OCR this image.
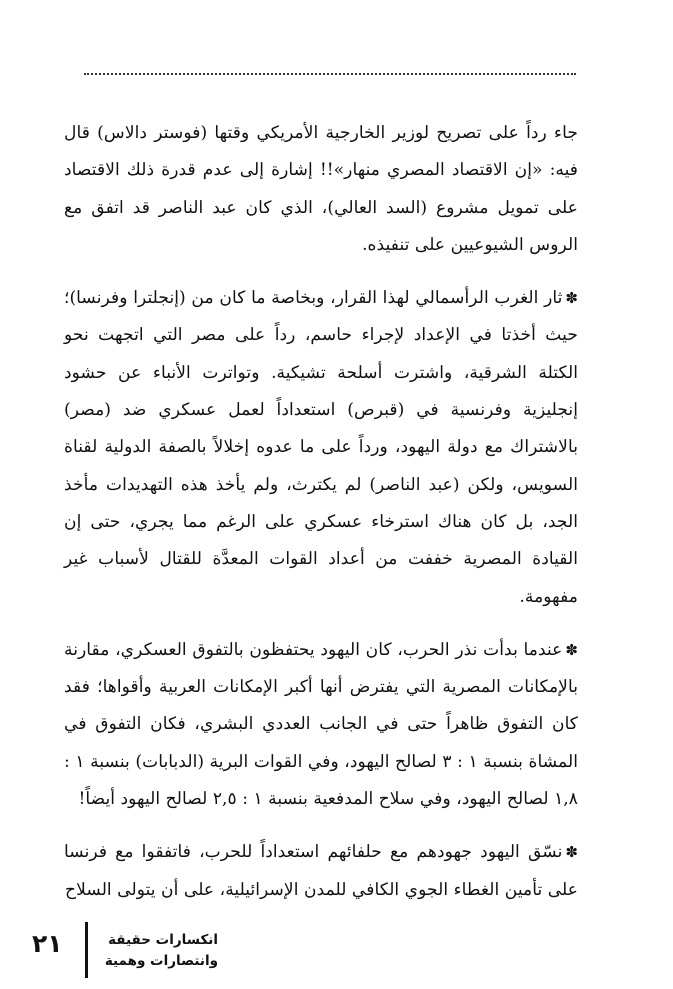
جاء رداً على تصريح لوزير الخارجية الأمريكي وقتها (فوستر دالاس) قال فيه: «إن الاقتصاد المصري منهار»!! إشارة إلى عدم قدرة ذلك الاقتصاد على تمويل مشروع (السد العالي)، الذي كان عبد الناصر قد اتفق مع الروس الشيوعيين على تنفيذه.

✽ثار الغرب الرأسمالي لهذا القرار، وبخاصة ما كان من (إنجلترا وفرنسا)؛ حيث أخذتا في الإعداد لإجراء حاسم، رداً على مصر التي اتجهت نحو الكتلة الشرقية، واشترت أسلحة تشيكية. وتواترت الأنباء عن حشود إنجليزية وفرنسية في (قبرص) استعداداً لعمل عسكري ضد (مصر) بالاشتراك مع دولة اليهود، ورداً على ما عدوه إخلالاً بالصفة الدولية لقناة السويس، ولكن (عبد الناصر) لم يكترث، ولم يأخذ هذه التهديدات مأخذ الجد، بل كان هناك استرخاء عسكري على الرغم مما يجري، حتى إن القيادة المصرية خففت من أعداد القوات المعدَّة للقتال لأسباب غير مفهومة.

✽عندما بدأت نذر الحرب، كان اليهود يحتفظون بالتفوق العسكري، مقارنة بالإمكانات المصرية التي يفترض أنها أكبر الإمكانات العربية وأقواها؛ فقد كان التفوق ظاهراً حتى في الجانب العددي البشري، فكان التفوق في المشاة بنسبة ١ : ٣ لصالح اليهود، وفي القوات البرية (الدبابات) بنسبة ١ : ١,٨ لصالح اليهود، وفي سلاح المدفعية بنسبة ١ : ٢,٥ لصالح اليهود أيضاً!

✽نسّق اليهود جهودهم مع حلفائهم استعداداً للحرب، فاتفقوا مع فرنسا على تأمين الغطاء الجوي الكافي للمدن الإسرائيلية، على أن يتولى السلاح

٢١	انكسارات حقيقة
وانتصارات وهمية
